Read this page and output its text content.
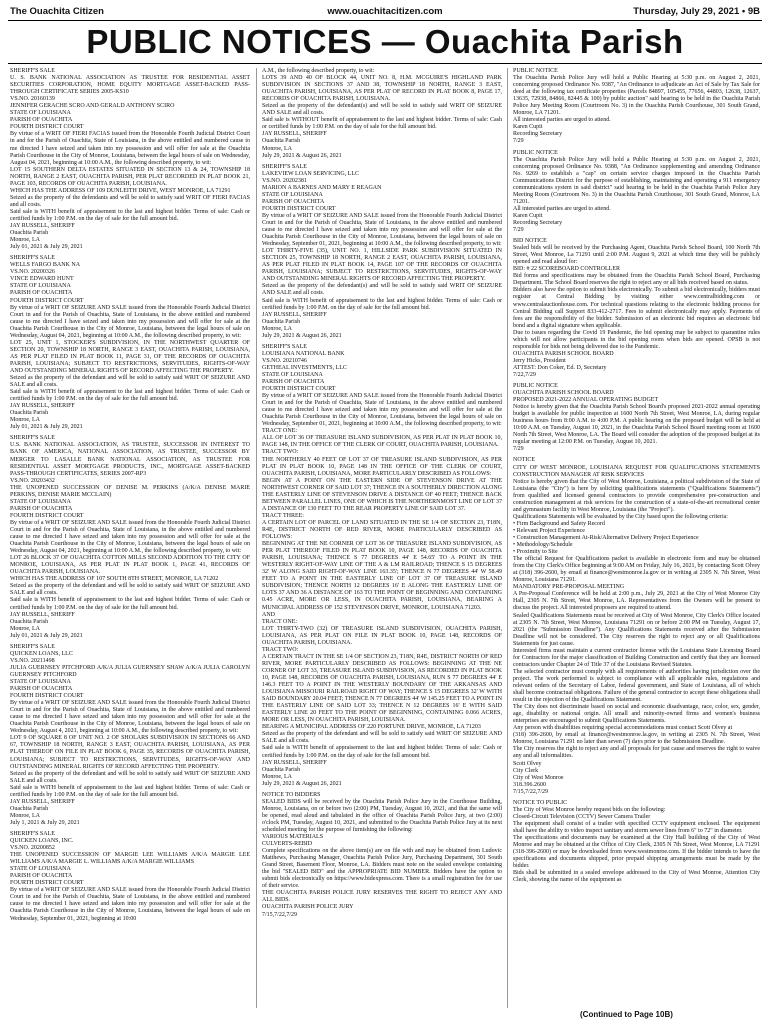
The Ouachita Citizen	www.ouachitacitizen.com	Thursday, July 29, 2021 • 9B
PUBLIC NOTICES — Ouachita Parish
SHERIFF'S SALE
U. S. BANK NATIONAL ASSOCIATION AS TRUSTEE FOR RESIDENTIAL ASSET SECURITIES CORPORATION, HOME EQUITY MORTGAGE ASSET-BACKED PASS-THROUGH CERTIFICATE SERIES 2005-KS10
VS.NO. 20160139
JENNIFER GERACHE SCRO AND GERALD ANTHONY SCIRO
STATE OF LOUISIANA
PARISH OF OUACHITA
FOURTH DISTRICT COURT
By virtue of a WRIT OF FIERI FACIAS issued from the Honorable Fourth Judicial District Court in and for the Parish of Ouachita, State of Louisiana, in the above entitled and numbered cause to me directed I have seized and taken into my possession and will offer for sale at the Ouachita Parish Courthouse in the City of Monroe, Louisiana, between the legal hours of sale on Wednesday, August 04, 2021, beginning at 10:00 A.M., the following described property, to wit:
LOT 15 SOUTHERN DELTA ESTATES SITUATED IN SECTION 13 & 24, TOWNSHIP 18 NORTH, RANGE 2 EAST, OUACHITA PARISH, PER PLAT RECORDED IN PLAT BOOK 21, PAGE 103, RECORDS OF OUACHITA PARISH, LOUISIANA.
WHICH HAS THE ADDRESS OF 109 DUNLEITH DRIVE, WEST MONROE, LA 71291
Seized as the property of the defendants and will be sold to satisfy said WRIT OF FIERI FACIAS and all costs.
Said sale is WITH benefit of appraisement to the last and highest bidder. Terms of sale: Cash or certified funds by 1:00 P.M. on the day of sale for the full amount bid.
JAY RUSSELL, SHERIFF
Ouachita Parish
Monroe, LA
July 01, 2021 & July 29, 2021
SHERIFF'S SALE
WELLS FARGO BANK NA
VS.NO. 20200326
VINCE EDWARD HUNT
STATE OF LOUISIANA
PARISH OF OUACHITA
FOURTH DISTRICT COURT
By virtue of a WRIT OF SEIZURE AND SALE issued from the Honorable Fourth Judicial District Court in and for the Parish of Ouachita, State of Louisiana, in the above entitled and numbered cause to me directed I have seized and taken into my possession and will offer for sale at the Ouachita Parish Courthouse in the City of Monroe, Louisiana, between the legal hours of sale on Wednesday, August 04, 2021, beginning at 10:00 A.M., the following described property, to wit:
LOT 25, UNIT 1, STOCKER'S SUBDIVISION, IN THE NORTHWEST QUARTER OF SECTION 20, TOWNSHIP 18 NORTH, RANGE 3 EAST, OUACHITA PARISH, LOUISIANA, AS PER PLAT FILED IN PLAT BOOK 11, PAGE 31, OF THE RECORDS OF OUACHITA PARISH, LOUISIANA; SUBJECT TO RESTRICTIONS, SERVITUDES, RIGHTS-OF-WAY AND OUTSTANDING MINERAL RIGHTS OF RECORD AFFECTING THE PROPERTY.
Seized as the property of the defendant and will be sold to satisfy said WRIT OF SEIZURE AND SALE and all costs.
Said sale is WITH benefit of appraisement to the last and highest bidder. Terms of sale: Cash or certified funds by 1:00 P.M. on the day of sale for the full amount bid.
JAY RUSSELL, SHERIFF
Ouachita Parish
Monroe, LA
July 01, 2021 & July 29, 2021
SHERIFF'S SALE
U.S. BANK NATIONAL ASSOCIATION, AS TRUSTEE, SUCCESSOR IN INTEREST TO BANK OF AMERICA, NATIONAL ASSOCIATION, AS TRUSTEE, SUCCESSOR BY MERGER TO LASALLE BANK NATIONAL ASSOCIATION, AS TRUSTEE FOR RESIDENTIAL ASSET MORTGAGE PRODUCTS, INC., MORTGAGE ASSET-BACKED PASS-THROUGH CERTIFICATES, SERIES 2007-RP3
VS.NO. 20203432
THE UNOPENED SUCCESSION OF DENISE M. PERKINS (A/K/A DENISE MARIE PERKINS, DENISE MARIE MCCLAIN)
STATE OF LOUISIANA
PARISH OF OUACHITA
FOURTH DISTRICT COURT
By virtue of a WRIT OF SEIZURE AND SALE issued from the Honorable Fourth Judicial District Court in and for the Parish of Ouachita, State of Louisiana, in the above entitled and numbered cause to me directed I have seized and taken into my possession and will offer for sale at the Ouachita Parish Courthouse in the City of Monroe, Louisiana, between the legal hours of sale on Wednesday, August 04, 2021, beginning at 10:00 A.M., the following described property, to wit:
LOT 26 BLOCK 37 OF OUACHITA COTTON MILLS SECOND ADDITION TO THE CITY OF MONROE, LOUISIANA, AS PER PLAT IN PLAT BOOK 1, PAGE 41, RECORDS OF OUACHITA PARISH, LOUISIANA.
WHICH HAS THE ADDRESS OF 107 SOUTH 8TH STREET, MONROE, LA 71202
Seized as the property of the defendant and will be sold to satisfy said WRIT OF SEIZURE AND SALE and all costs.
Said sale is WITH benefit of appraisement to the last and highest bidder. Terms of sale: Cash or certified funds by 1:00 P.M. on the day of sale for the full amount bid.
JAY RUSSELL, SHERIFF
Ouachita Parish
Monroe, LA
July 01, 2021 & July 29, 2021
SHERIFF'S SALE
QUICKEN LOANS, LLC
VS.NO. 20211498
JULIA GUERNSEY PITCHFORD A/K/A JULIA GUERNSEY SHAW A/K/A JULIA CAROLYN GUERNSEY PITCHFORD
STATE OF LOUISIANA
PARISH OF OUACHITA
FOURTH DISTRICT COURT
By virtue of a WRIT OF SEIZURE AND SALE issued from the Honorable Fourth Judicial District Court in and for the Parish of Ouachita, State of Louisiana, in the above entitled and numbered cause to me directed I have seized and taken into my possession and will offer for sale at the Ouachita Parish Courthouse in the City of Monroe, Louisiana, between the legal hours of sale on Wednesday, August 4, 2021, beginning at 10:00 A.M., the following described property, to wit:
LOT 9 OF SQUARE 8 OF UNIT NO. 2 OF SHOLARS SUBDIVISION IN SECTIONS 66 AND 67, TOWNSHIP 18 NORTH, RANGE 3 EAST, OUACHITA PARISH, LOUISIANA, AS PER PLAT THEREOF ON FILE IN PLAT BOOK 6, PAGE 35, RECORDS OF OUACHITA PARISH, LOUISIANA; SUBJECT TO RESTRICTIONS, SERVITUDES, RIGHTS-OF-WAY AND OUTSTANDING MINERAL RIGHTS OF RECORD AFFECTING THE PROPERTY.
Seized as the property of the defendant and will be sold to satisfy said WRIT OF SEIZURE AND SALE and all costs.
Said sale is WITH benefit of appraisement to the last and highest bidder. Terms of sale: Cash or certified funds by 1:00 P.M. on the day of sale for the full amount bid.
JAY RUSSELL, SHERIFF
Ouachita Parish
Monroe, LA
July 1, 2021 & July 29, 2021
SHERIFF'S SALE
QUICKEN LOANS, INC.
VS.NO. 20200852
THE UNOPENED SUCCESSION OF MARGIE LEE WILLIAMS A/K/A MARGIE LEE WILLIAMS A/K/A MARGIE L. WILLIAMS A/K/A MARGIE WILLIAMS
STATE OF LOUISIANA
PARISH OF OUACHITA
FOURTH DISTRICT COURT
By virtue of a WRIT OF SEIZURE AND SALE issued from the Honorable Fourth Judicial District Court in and for the Parish of Ouachita, State of Louisiana, in the above entitled and numbered cause to me directed I have seized and taken into my possession and will offer for sale at the Ouachita Parish Courthouse in the City of Monroe, Louisiana, between the legal hours of sale on Wednesday, September 01, 2021, beginning at 10:00
A.M., the following described property, to wit:
LOTS 39 AND 40 OF BLOCK 44, UNIT NO. 8, H.M. MCGUIRE'S HIGHLAND PARK SUBDIVISION IN SECTIONS 37 AND 38, TOWNSHIP 18 NORTH, RANGE 3 EAST, OUACHITA PARISH, LOUISIANA, AS PER PLAT OF RECORD IN PLAT BOOK 8, PAGE 17, RECORDS OF OUACHITA PARISH, LOUISIANA.
Seized as the property of the defendant(s) and will be sold to satisfy said WRIT OF SEIZURE AND SALE and all costs.
Said sale is WITHOUT benefit of appraisement to the last and highest bidder. Terms of sale: Cash or certified funds by 1:00 P.M. on the day of sale for the full amount bid.
JAY RUSSELL, SHERIFF
Ouachita Parish
Monroe, LA
July 29, 2021 & August 26, 2021
SHERIFF'S SALE
LAKEVIEW LOAN SERVICING, LLC
VS.NO. 20202381
MARION A BARNES AND MARY E REAGAN
STATE OF LOUISIANA
PARISH OF OUACHITA
FOURTH DISTRICT COURT
By virtue of a WRIT OF SEIZURE AND SALE issued from the Honorable Fourth Judicial District Court in and for the Parish of Ouachita, State of Louisiana, in the above entitled and numbered cause to me directed I have seized and taken into my possession and will offer for sale at the Ouachita Parish Courthouse in the City of Monroe, Louisiana, between the legal hours of sale on Wednesday, September 01, 2021, beginning at 10:00 A.M., the following described property, to wit:
LOT THIRTY-FIVE (35), UNIT NO. 1, HILLSIDE PARK SUBDIVISION SITUATED IN SECTION 25, TOWNSHIP 18 NORTH, RANGE 2 EAST, OUACHITA PARISH, LOUISIANA, AS PER PLAT FILED IN PLAT BOOK 14, PAGE 107 OF THE RECORDS OF OUACHITA PARISH, LOUISIANA; SUBJECT TO RESTRICTIONS, SERVITUDES, RIGHTS-OF-WAY AND OUTSTANDING MINERAL RIGHTS OF RECORD AFFECTING THE PROPERTY.
Seized as the property of the defendant(s) and will be sold to satisfy said WRIT OF SEIZURE AND SALE and all costs.
Said sale is WITH benefit of appraisement to the last and highest bidder. Terms of sale: Cash or certified funds by 1:00 P.M. on the day of sale for the full amount bid.
JAY RUSSELL, SHERIFF
Ouachita Parish
Monroe, LA
July 29, 2021 & August 26, 2021
SHERIFF'S SALE
LOUISIANA NATIONAL BANK
VS.NO. 20210746
GETHEAL INVESTMENTS, LLC
STATE OF LOUISIANA
PARISH OF OUACHITA
FOURTH DISTRICT COURT
By virtue of a WRIT OF SEIZURE AND SALE issued from the Honorable Fourth Judicial District Court in and for the Parish of Ouachita, State of Louisiana, in the above entitled and numbered cause to me directed I have seized and taken into my possession and will offer for sale at the Ouachita Parish Courthouse in the City of Monroe, Louisiana, between the legal hours of sale on Wednesday, September 01, 2021, beginning at 10:00 A.M., the following described property, to wit:
TRACT ONE:
ALL OF LOT 36 OF TREASURE ISLAND SUBDIVISION, AS PER PLAT IN PLAT BOOK 10, PAGE 148, IN THE OFFICE OF THE CLERK OF COURT, OUACHITA PARISH, LOUISIANA.
TRACT TWO:
THE NORTHERLY 40 FEET OF LOT 37 OF TREASURE ISLAND SUBDIVISION, AS PER PLAT IN PLAT BOOK 10, PAGE 148 IN THE OFFICE OF THE CLERK OF COURT, OUACHITA PARISH, LOUISIANA, MORE PARTICULARLY DESCRIBED AS FOLLOWS:
BEGIN AT A POINT ON THE EASTERN SIDE OF STEVENSON DRIVE AT THE NORTHWEST CORNER OF SAID LOT 37; THENCE IN A SOUTHERLY DIRECTION ALONG THE EASTERLY LINE OF STEVENSON DRIVE A DISTANCE OF 40 FEET; THENCE BACK BETWEEN PARALLEL LINES, ONE OF WHICH IS THE NORTHERNMOST LINE OF LOT 37 A DISTANCE OF 130 FEET TO THE REAR PROPERTY LINE OF SAID LOT 37.
TRACT THREE:
A CERTAIN LOT OF PARCEL OF LAND SITUATED IN THE SE 1/4 OF SECTION 23, T18N, R4E, DISTRICT NORTH OF RED RIVER, MORE PARTICULARLY DESCRIBED AS FOLLOWS:
BEGINNING AT THE NE CORNER OF LOT 36 OF TREASURE ISLAND SUBDIVISION, AS PER PLAT THEREOF FILED IN PLAT BOOK 10, PAGE 148, RECORDS OF OUACHITA PARISH, LOUISIANA; THENCE S 77 DEGREES 44' E 54.65' TO A POINT IN THE WESTERLY RIGHT-OF-WAY LINE OF THE A & LM RAILROAD; THENCE S 15 DEGREES 32' W ALONG SAID RIGHT-OF-WAY LINE 163.35'; THENCE N 77 DEGREES 44' W 58.49 FEET TO A POINT IN THE EASTERLY LINE OF LOT 37 OF TREASURE ISLAND SUBDIVISION; THENCE NORTH 12 DEGREES 16' E ALONG THE EASTERLY LINE OF LOTS 37 AND 36 A DISTANCE OF 163 TO THE POINT OF BEGINNING AND CONTAINING 0.45 ACRE, MORE OR LESS, IN OUACHITA PARISH, LOUISIANA, BEARING A MUNICIPAL ADDRESS OF 152 STEVENSON DRIVE, MONROE, LOUISIANA 71203.
AND
TRACT ONE:
LOT THIRTY-TWO (32) OF TREASURE ISLAND SUBDIVISION, OUACHITA PARISH, LOUISIANA, AS PER PLAT ON FILE IN PLAT BOOK 10, PAGE 148, RECORDS OF OUACHITA PARISH, LOUISIANA.
TRACT TWO:
A CERTAIN TRACT IN THE SE 1/4 OF SECTION 23, T18N, R4E, DISTRICT NORTH OF RED RIVER, MORE PARTICULARLY DESCRIBED AS FOLLOWS: BEGINNING AT THE NE CORNER OF LOT 33, TREASURE ISLAND SUBDIVISION, AS RECORDED IN PLAT BOOK 10, PAGE 148, RECORDS OF OUACHITA PARISH, LOUISIANA, RUN S 77 DEGREES 44' E 146.3 FEET TO A POINT IN THE WESTERLY BOUNDARY OF THE ARKANSAS AND LOUISIANA MISSOURI RAILROAD RIGHT OF WAY; THENCE S 15 DEGREES 32' W WITH SAID BOUNDARY 20.04 FEET; THENCE N 77 DEGREES 44' W 145.25 FEET TO A POINT IN THE EASTERLY LINE OF SAID LOT 33; THENCE N 12 DEGREES 16' E WITH SAID EASTERLY LINE 20 FEET TO THE POINT OF BEGINNING, CONTAINING 0.066 ACRES, MORE OR LESS, IN OUACHITA PARISH, LOUISIANA.
BEARING A MUNICIPAL ADDRESS OF 220 FORTUNE DRIVE, MONROE, LA 71203
Seized as the property of the defendant and will be sold to satisfy said WRIT OF SEIZURE AND SALE and all costs.
Said sale is WITH benefit of appraisement to the last and highest bidder. Terms of sale: Cash or certified funds by 1:00 P.M. on the day of sale for the full amount bid.
JAY RUSSELL, SHERIFF
Ouachita Parish
Monroe, LA
July 29, 2021 & August 26, 2021
NOTICE TO BIDDERS
SEALED BIDS will be received by the Ouachita Parish Police Jury in the Courthouse Building, Monroe, Louisiana, on or before two (2:00) PM, Tuesday, August 10, 2021, and that the same will be opened, read aloud and tabulated in the office of Ouachita Parish Police Jury, at two (2:00) o'clock PM, Tuesday, August 10, 2021, and submitted to the Ouachita Parish Police Jury at its next scheduled meeting for the purpose of furnishing the following:
VARIOUS MATERIALS
CULVERTS-REBID
Complete specifications on the above item(s) are on file with and may be obtained from Ludovic Matthews, Purchasing Manager, Ouachita Parish Police Jury, Purchasing Department, 301 South Grand Street, Basement Floor, Monroe, LA. Bidders must note on the sealed envelope containing the bid "SEALED BID" and the APPROPRIATE BID NUMBER. Bidders have the option to submit bids electronically on https://www.bidexpress.com. There is a small registration fee for use of their service.
THE OUACHITA PARISH POLICE JURY RESERVES THE RIGHT TO REJECT ANY AND ALL BIDS.
OUACHITA PARISH POLICE JURY
7/15,7/22,7/29
PUBLIC NOTICE
The Ouachita Parish Police Jury will hold a Public Hearing at 5:30 p.m. on August 2, 2021, concerning proposed Ordinance No. 9387, "An Ordinance to adjudicate an Act of Sale by Tax Sale for deed at the following tax certificate properties (Parcels 84897, 105455, 77656, 44803, 12638, 12637, 13635, 72938, 84866, 82445 & 100) by public auction" said hearing to be held in the Ouachita Parish Police Jury Meeting Room (Courtroom No. 3) in the Ouachita Parish Courthouse, 301 South Grand, Monroe, LA 71201.
All interested parties are urged to attend.
Karen Cupit
Recording Secretary
7/29
PUBLIC NOTICE
The Ouachita Parish Police Jury will hold a Public Hearing at 5:30 p.m. on August 2, 2021, concerning proposed Ordinance No. 9388, "An Ordinance supplementing and amending Ordinance No. 9269 to establish a "cap" on certain service charges imposed in the Ouachita Parish Communications District for the purpose of establishing, maintaining and operating a 911 emergency communications system in said district" said hearing to be held in the Ouachita Parish Police Jury Meeting Room (Courtroom No. 3) in the Ouachita Parish Courthouse, 301 South Grand, Monroe, LA 71201.
All interested parties are urged to attend.
Karen Cupit
Recording Secretary
7/29
BID NOTICE
Sealed bids will be received by the Purchasing Agent, Ouachita Parish School Board, 100 North 7th Street, West Monroe, La 71291 until 2:00 P.M. August 9, 2021 at which time they will be publicly opened and read aloud for:
BID: # 22 SCOREBOARD CONTROLLER
Bid forms and specifications may be obtained from the Ouachita Parish School Board, Purchasing Department. The School Board reserves the right to reject any or all bids received based on status.
Bidders also have the option to submit bids electronically. To submit a bid electronically, bidders must register at Central Bidding by visiting either www.centralbidding.com or www.centralauctionhouse.com. For technical questions relating to the electronic bidding process for Central Bidding call Support 833-412-2717. Fees to submit electronically may apply. Payments of fees are the responsibility of the bidder. Submission of an electronic bid requires an electronic bid bond and a digital signature when applicable.
Due to issues regarding the Covid 19 Pandemic, the bid opening may be subject to quarantine rules which will not allow participants in the bid opening room when bids are opened. OPSB is not responsible for bids not being delivered due to the Pandemic.
OUACHITA PARISH SCHOOL BOARD
Jerry Hicks, President
ATTEST: Don Coker, Ed. D, Secretary
7/22,7/29
PUBLIC NOTICE
OUACHITA PARISH SCHOOL BOARD
PROPOSED 2021-2022 ANNUAL OPERATING BUDGET
Notice is hereby given that the Ouachita Parish School Board's proposed 2021-2022 annual operating budget is available for public inspection at 1600 North 7th Street, West Monroe, LA, during regular business hours from 8:00 A.M. to 4:00 P.M. A public hearing on the proposed budget will be held at 10:00 A.M. on Tuesday, August 10, 2021, in the Ouachita Parish School Board meeting room at 1600 North 7th Street, West Monroe, LA. The Board will consider the adoption of the proposed budget at its regular meeting at 12:00 P.M. on Tuesday, August 10, 2021.
7/29
NOTICE
CITY OF WEST MONROE, LOUISIANA REQUEST FOR QUALIFICATIONS STATEMENTS CONSTRUCTION MANAGER AT RISK SERVICES
Notice is hereby given that the City of West Monroe, Louisiana, a political subdivision of the State of Louisiana (the "City") is here by soliciting qualifications statements ("Qualifications Statements") from qualified and licensed general contractors to provide comprehensive pre-construction and construction management at risk services for the construction of a state-of-the-art recreational center and gymnasium facility in West Monroe, Louisiana (the "Project").
Qualifications Statements will be evaluated by the City based upon the following criteria:
• Firm Background and Safety Record
• Relevant Project Experience
• Construction Management At-Risk/Alternative Delivery Project Experience
• Methodology/Schedule
• Proximity to Site
The official Request for Qualifications packet is available in electronic form and may be obtained from the City Clerk's Office beginning at 9:00 AM on Friday, July 16, 2021, by contacting Scott Olvey at (318) 396-2600, by email at finance@westmonroe.la.gov or in writing at 2305 N. 7th Street, West Monroe, Louisiana 71291.
MANDATORY PRE-PROPOSAL MEETING
A Pre-Proposal Conference will be held at 2:00 p.m., July 29, 2021 at the City of West Monroe City Hall, 2305 N. 7th Street, West Monroe, LA. Representatives from the Owners will be present to discuss the project. All interested proposers are required to attend.
Sealed Qualifications Statements must be received at City of West Monroe, City Clerk's Office located at 2305 N. 7th Street, West Monroe, Louisiana 71291 on or before 2:00 PM on Tuesday, August 17, 2021 (the "Submission Deadline"). Any Qualifications Statements received after the Submission Deadline will not be considered. The City reserves the right to reject any or all Qualifications Statements for just cause.
Interested firms must maintain a current contractor license with the Louisiana State Licensing Board for Contractors for the major classification of Building Construction and certify that they are licensed contractors under Chapter 24 of Title 37 of the Louisiana Revised Statutes.
The selected contractor must comply with all requirements of authorities having jurisdiction over the project. The work performed is subject to compliance with all applicable rules, regulations and relevant orders of the Secretary of Labor, federal government, and State of Louisiana, all of which shall become contractual obligations. Failure of the general contractor to accept these obligations shall result in the rejection of the Qualifications Statement.
The City does not discriminate based on social and economic disadvantage, race, color, sex, gender, age, disability or national origin. All small and minority-owned firms and women's business enterprises are encouraged to submit Qualifications Statements.
Any person with disabilities requiring special accommodations must contact Scott Olvey at
(318) 396-2600, by email at finance@westmonroe.la.gov, in writing at 2305 N. 7th Street, West Monroe, Louisiana 71291 no later than seven (7) days prior to the Submission Deadline.
The City reserves the right to reject any and all proposals for just cause and reserves the right to waive any and all informalities.
Scott Olvey
City Clerk
City of West Monroe
318.396.2600
7/15,7/22,7/29
NOTICE TO PUBLIC
The City of West Monroe hereby request bids on the following:
Closed-Circuit Television (CCTV) Sewer Camera Trailer
The equipment shall consist of a trailer with specified CCTV equipment enclosed. The equipment shall have the ability to video inspect sanitary and storm sewer lines from 6" to 72" in diameter.
The specifications and documents may be examined at the City Hall building of the City of West Monroe and may be obtained at the Office of City Clerk, 2305 N 7th Street, West Monroe, LA 71291 (318-396-2600) or may be downloaded from www.westmonroe.com. If the bidder intends to have the specifications and documents shipped, prior prepaid shipping arrangements must be made by the bidder.
Bids shall be submitted in a sealed envelope addressed to the City of West Monroe, Attention City Clerk, showing the name of the equipment as
(Continued to Page 10B)
